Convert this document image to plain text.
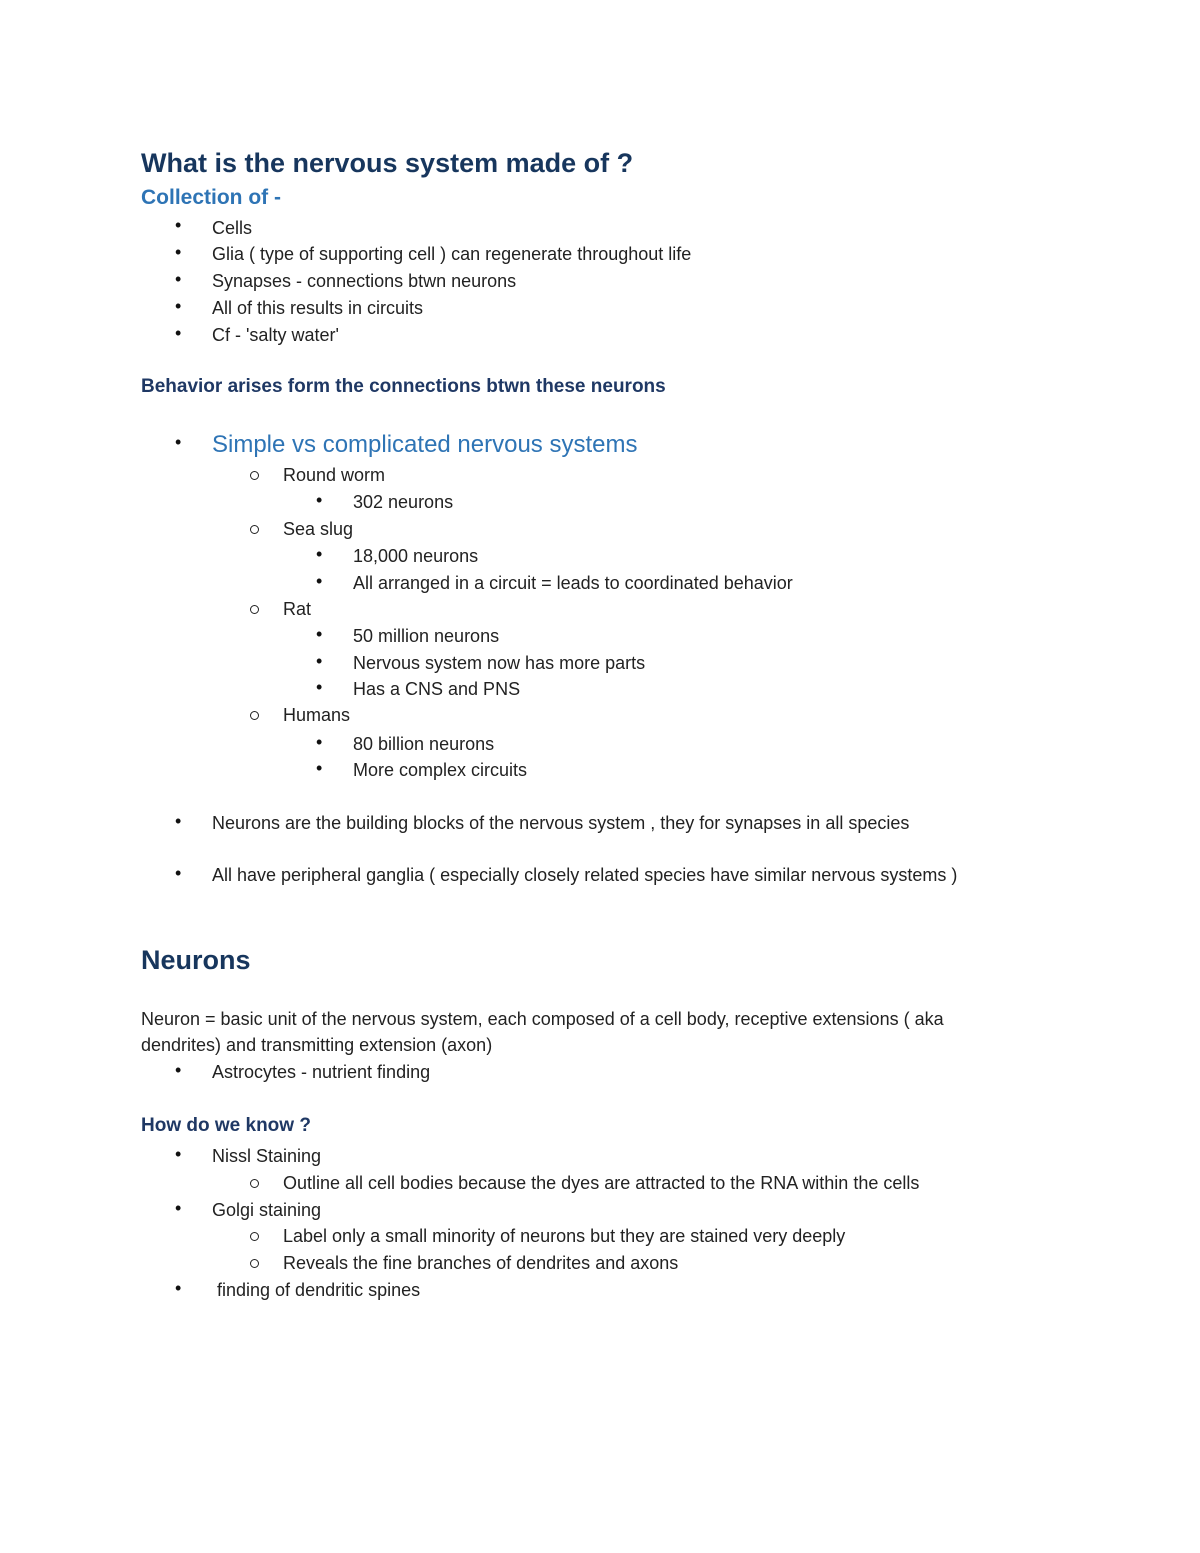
What is the nervous system made of ?
Collection of -
• Cells
• Glia ( type of supporting cell ) can regenerate throughout life
• Synapses - connections btwn neurons
• All of this results in circuits
• Cf - 'salty water'
Behavior arises form the connections btwn these neurons
• Simple vs complicated nervous systems
Round worm
• 302 neurons
Sea slug
• 18,000 neurons
• All arranged in a circuit = leads to coordinated behavior
Rat
• 50 million neurons
• Nervous system now has more parts
• Has a CNS and PNS
Humans
• 80 billion neurons
• More complex circuits
• Neurons are the building blocks of the nervous system , they for synapses in all species
• All have peripheral ganglia ( especially closely related species have similar nervous systems )
Neurons
Neuron = basic unit of the nervous system, each composed of a cell body, receptive extensions ( aka
dendrites) and transmitting extension (axon)
• Astrocytes - nutrient finding
How do we know ?
• Nissl Staining
Outline all cell bodies because the dyes are attracted to the RNA within the cells
• Golgi staining
Label only a small minority of neurons but they are stained very deeply
Reveals the fine branches of dendrites and axons
• finding of dendritic spines
